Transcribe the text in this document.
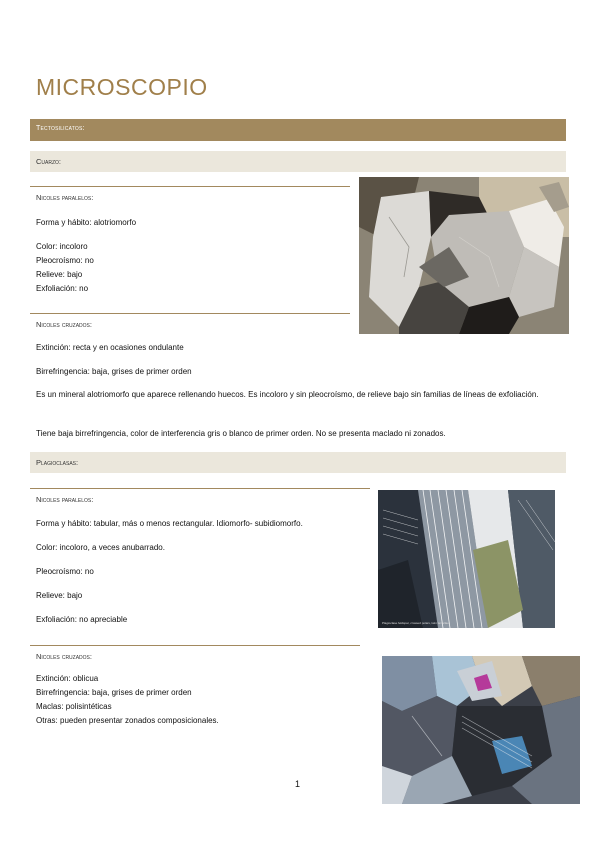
MICROSCOPIO
Tectosilicatos:
Cuarzo:
Nicoles paralelos:
Forma y hábito: alotriomorfo
Color: incoloro
Pleocroísmo: no
Relieve: bajo
Exfoliación: no
Nicoles cruzados:
Extinción: recta y en ocasiones ondulante
Birrefringencia: baja, grises de primer orden
Es un mineral alotriomorfo que aparece rellenando huecos. Es incoloro y sin pleocroísmo, de relieve bajo sin familias de líneas de exfoliación.
Tiene baja birrefringencia, color de interferencia gris o blanco de primer orden. No se presenta maclado ni zonados.
Plagioclasas:
Nicoles paralelos:
Forma y hábito: tabular, más o menos rectangular. Idiomorfo- subidiomorfo.
Color: incoloro, a veces anubarrado.
Pleocroísmo: no
Relieve: bajo
Exfoliación: no apreciable	Plagioclase feldspar, crossed polars, twin lamellae
Nicoles cruzados:
Extinción: oblicua
Birrefringencia: baja, grises de primer orden
Maclas: polisintéticas
Otras: pueden presentar zonados composicionales.
1
